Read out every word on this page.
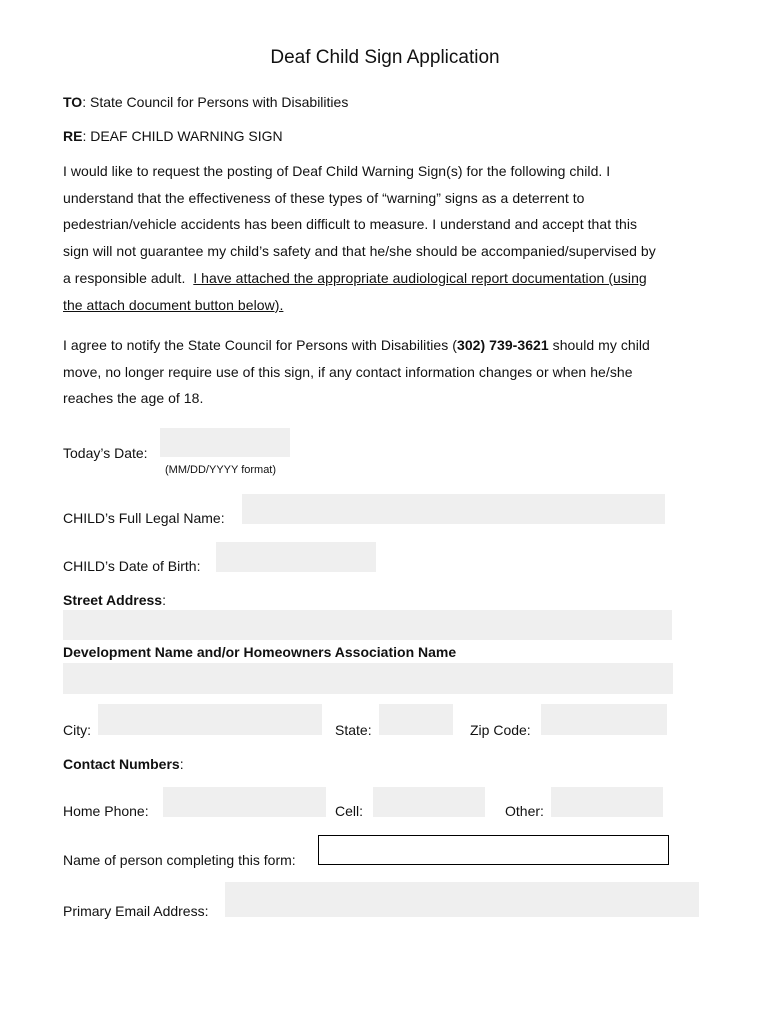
Deaf Child Sign Application
TO: State Council for Persons with Disabilities
RE: DEAF CHILD WARNING SIGN
I would like to request the posting of Deaf Child Warning Sign(s) for the following child. I
understand that the effectiveness of these types of “warning” signs as a deterrent to
pedestrian/vehicle accidents has been difficult to measure. I understand and accept that this
sign will not guarantee my child’s safety and that he/she should be accompanied/supervised by
a responsible adult.  I have attached the appropriate audiological report documentation (using
the attach document button below).
I agree to notify the State Council for Persons with Disabilities (302) 739-3621 should my child
move, no longer require use of this sign, if any contact information changes or when he/she
reaches the age of 18.
Today’s Date:
(MM/DD/YYYY format)
CHILD’s Full Legal Name:
CHILD’s Date of Birth:
Street Address:
Development Name and/or Homeowners Association Name
City:	State:	Zip Code:
Contact Numbers:
Home Phone:	Cell:	Other:
Name of person completing this form:
Primary Email Address:
